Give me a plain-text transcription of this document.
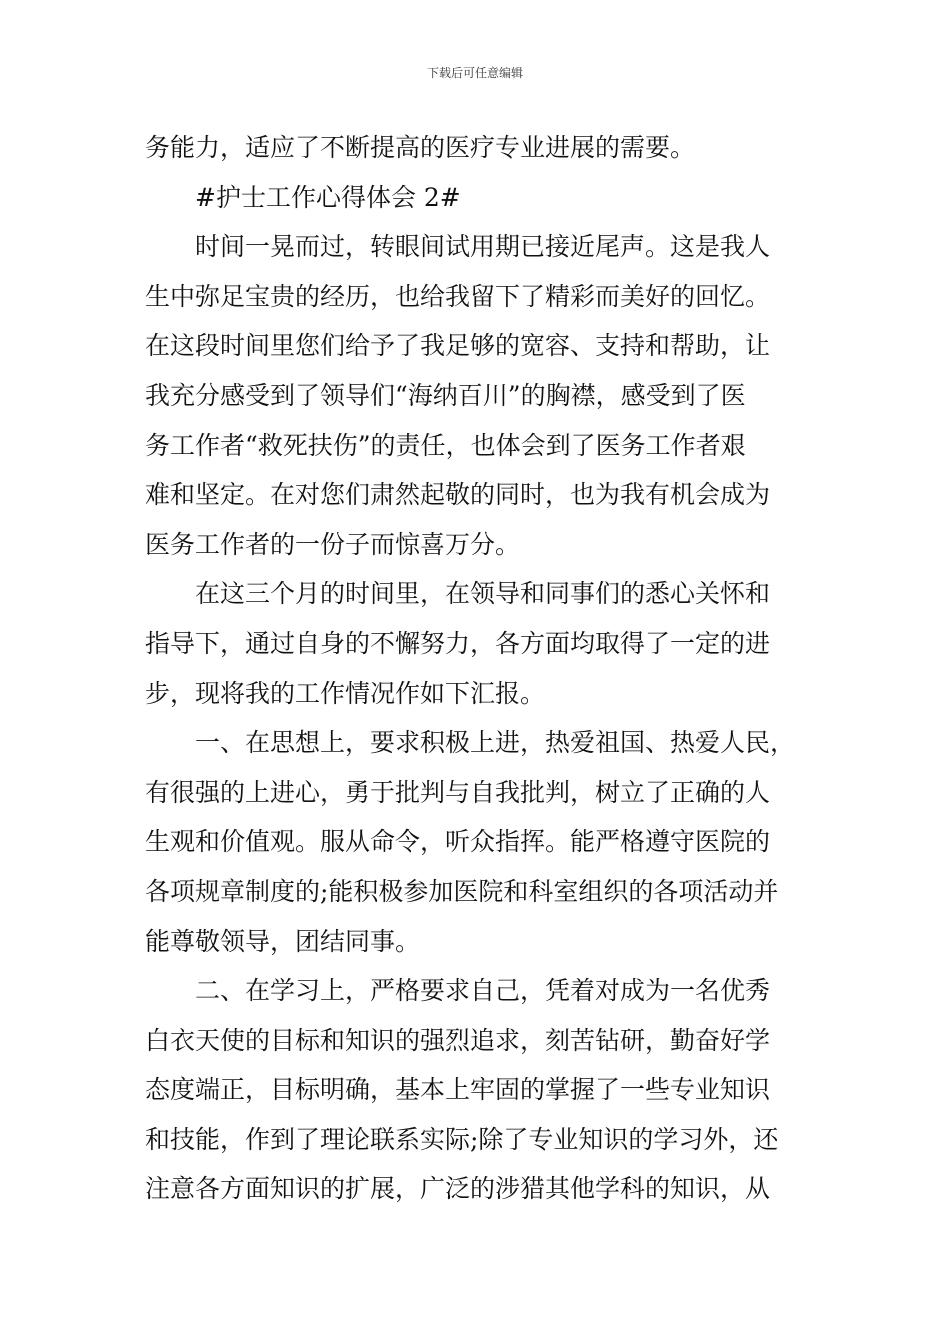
下载后可任意编辑
务能力，适应了不断提高的医疗专业进展的需要。
#护士工作心得体会 2#
时间一晃而过，转眼间试用期已接近尾声。这是我人
生中弥足宝贵的经历，也给我留下了精彩而美好的回忆。
在这段时间里您们给予了我足够的宽容、支持和帮助，让
我充分感受到了领导们“海纳百川”的胸襟，感受到了医
务工作者“救死扶伤”的责任，也体会到了医务工作者艰
难和坚定。在对您们肃然起敬的同时，也为我有机会成为
医务工作者的一份子而惊喜万分。
在这三个月的时间里，在领导和同事们的悉心关怀和
指导下，通过自身的不懈努力，各方面均取得了一定的进
步，现将我的工作情况作如下汇报。
一、在思想上，要求积极上进，热爱祖国、热爱人民，
有很强的上进心，勇于批判与自我批判，树立了正确的人
生观和价值观。服从命令，听众指挥。能严格遵守医院的
各项规章制度的;能积极参加医院和科室组织的各项活动并
能尊敬领导，团结同事。
二、在学习上，严格要求自己，凭着对成为一名优秀
白衣天使的目标和知识的强烈追求，刻苦钻研，勤奋好学
态度端正，目标明确，基本上牢固的掌握了一些专业知识
和技能，作到了理论联系实际;除了专业知识的学习外，还
注意各方面知识的扩展，广泛的涉猎其他学科的知识，从
